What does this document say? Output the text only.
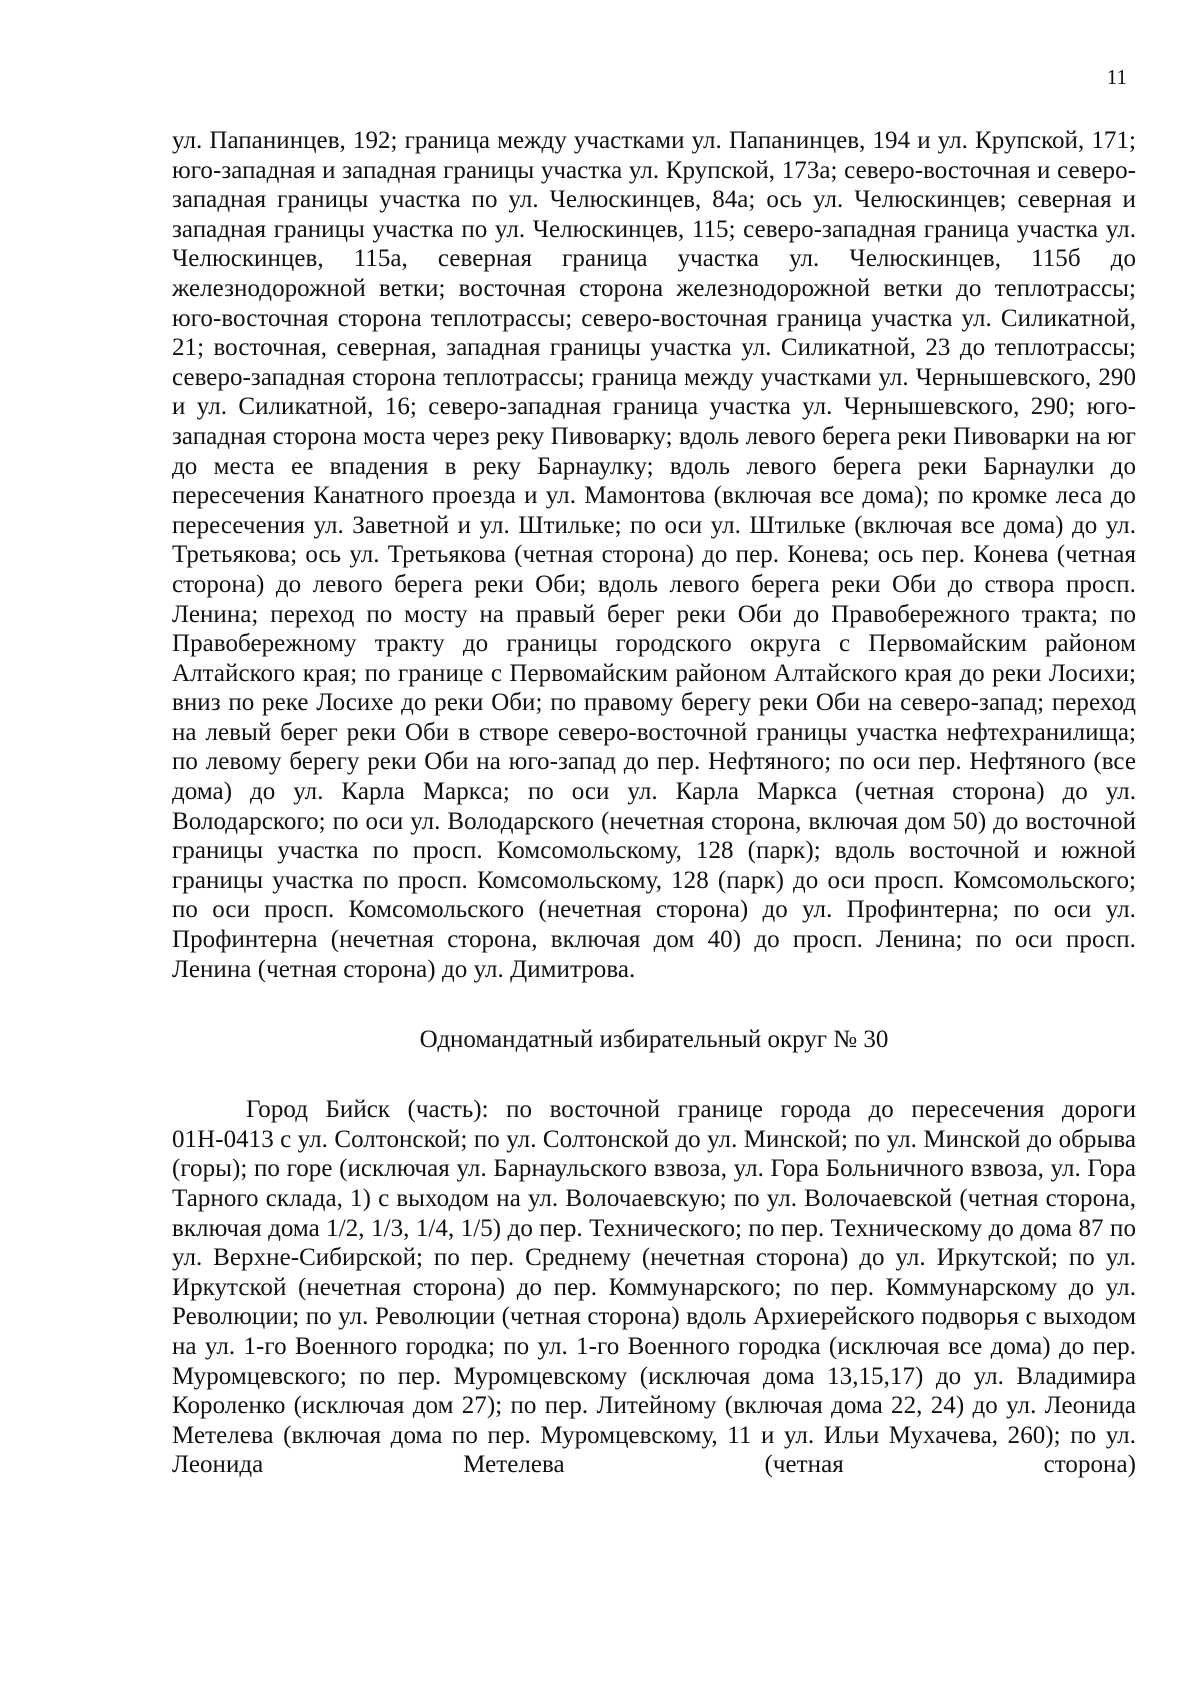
11

ул. Папанинцев, 192; граница между участками ул. Папанинцев, 194 и ул. Крупской, 171; юго-западная и западная границы участка ул. Крупской, 173а; северо-восточная и северо-западная границы участка по ул. Челюскинцев, 84а; ось ул. Челюскинцев; северная и западная границы участка по ул. Челюскинцев, 115; северо-западная граница участка ул. Челюскинцев, 115а, северная граница участка ул. Челюскинцев, 115б до железнодорожной ветки; восточная сторона железнодорожной ветки до теплотрассы; юго-восточная сторона теплотрассы; северо-восточная граница участка ул. Силикатной, 21; восточная, северная, западная границы участка ул. Силикатной, 23 до теплотрассы; северо-западная сторона теплотрассы; граница между участками ул. Чернышевского, 290 и ул. Силикатной, 16; северо-западная граница участка ул. Чернышевского, 290; юго-западная сторона моста через реку Пивоварку; вдоль левого берега реки Пивоварки на юг до места ее впадения в реку Барнаулку; вдоль левого берега реки Барнаулки до пересечения Канатного проезда и ул. Мамонтова (включая все дома); по кромке леса до пересечения ул. Заветной и ул. Штильке; по оси ул. Штильке (включая все дома) до ул. Третьякова; ось ул. Третьякова (четная сторона) до пер. Конева; ось пер. Конева (четная сторона) до левого берега реки Оби; вдоль левого берега реки Оби до створа просп. Ленина; переход по мосту на правый берег реки Оби до Правобережного тракта; по Правобережному тракту до границы городского округа с Первомайским районом Алтайского края; по границе с Первомайским районом Алтайского края до реки Лосихи; вниз по реке Лосихе до реки Оби; по правому берегу реки Оби на северо-запад; переход на левый берег реки Оби в створе северо-восточной границы участка нефтехранилища; по левому берегу реки Оби на юго-запад до пер. Нефтяного; по оси пер. Нефтяного (все дома) до ул. Карла Маркса; по оси ул. Карла Маркса (четная сторона) до ул. Володарского; по оси ул. Володарского (нечетная сторона, включая дом 50) до восточной границы участка по просп. Комсомольскому, 128 (парк); вдоль восточной и южной границы участка по просп. Комсомольскому, 128 (парк) до оси просп. Комсомольского; по оси просп. Комсомольского (нечетная сторона) до ул. Профинтерна; по оси ул. Профинтерна (нечетная сторона, включая дом 40) до просп. Ленина; по оси просп. Ленина (четная сторона) до ул. Димитрова.

Одномандатный избирательный округ № 30

Город Бийск (часть): по восточной границе города до пересечения дороги 01Н-0413 с ул. Солтонской; по ул. Солтонской до ул. Минской; по ул. Минской до обрыва (горы); по горе (исключая ул. Барнаульского взвоза, ул. Гора Больничного взвоза, ул. Гора Тарного склада, 1) с выходом на ул. Волочаевскую; по ул. Волочаевской (четная сторона, включая дома 1/2, 1/3, 1/4, 1/5) до пер. Технического; по пер. Техническому до дома 87 по ул. Верхне-Сибирской; по пер. Среднему (нечетная сторона) до ул. Иркутской; по ул. Иркутской (нечетная сторона) до пер. Коммунарского; по пер. Коммунарскому до ул. Революции; по ул. Революции (четная сторона) вдоль Архиерейского подворья с выходом на ул. 1-го Военного городка; по ул. 1-го Военного городка (исключая все дома) до пер. Муромцевского; по пер. Муромцевскому (исключая дома 13,15,17) до ул. Владимира Короленко (исключая дом 27); по пер. Литейному (включая дома 22, 24) до ул. Леонида Метелева (включая дома по пер. Муромцевскому, 11 и ул. Ильи Мухачева, 260); по ул. Леонида Метелева (четная сторона)
